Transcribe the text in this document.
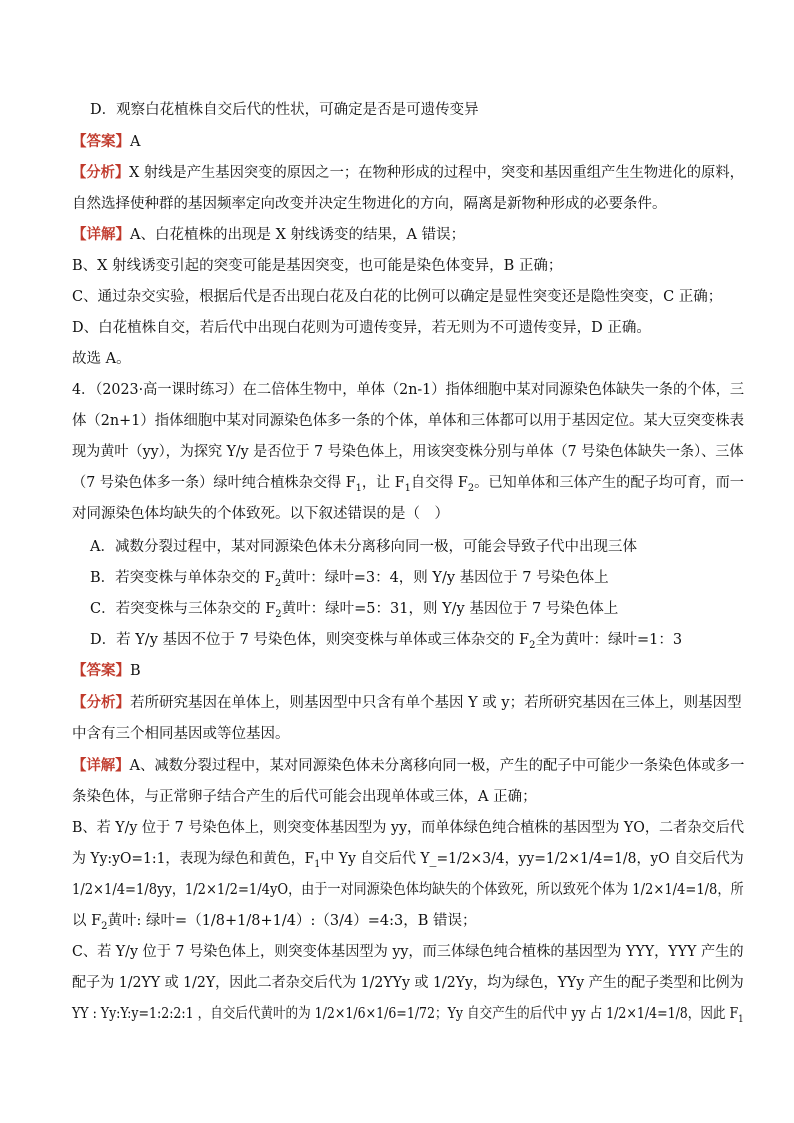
D．观察白花植株自交后代的性状，可确定是否是可遗传变异
【答案】A
【分析】X 射线是产生基因突变的原因之一；在物种形成的过程中，突变和基因重组产生生物进化的原料，
自然选择使种群的基因频率定向改变并决定生物进化的方向，隔离是新物种形成的必要条件。
【详解】A、白花植株的出现是 X 射线诱变的结果，A 错误；
B、X 射线诱变引起的突变可能是基因突变，也可能是染色体变异，B 正确；
C、通过杂交实验，根据后代是否出现白花及白花的比例可以确定是显性突变还是隐性突变，C 正确；
D、白花植株自交，若后代中出现白花则为可遗传变异，若无则为不可遗传变异，D 正确。
故选 A。
4．（2023·高一课时练习）在二倍体生物中，单体（2n-1）指体细胞中某对同源染色体缺失一条的个体，三
体（2n+1）指体细胞中某对同源染色体多一条的个体，单体和三体都可以用于基因定位。某大豆突变株表
现为黄叶（yy），为探究 Y/y 是否位于 7 号染色体上，用该突变株分别与单体（7 号染色体缺失一条）、三体
（7 号染色体多一条）绿叶纯合植株杂交得 $F_1$，让 $F_1$自交得 $F_2$。已知单体和三体产生的配子均可育，而一
对同源染色体均缺失的个体致死。以下叙述错误的是（　）
A．减数分裂过程中，某对同源染色体未分离移向同一极，可能会导致子代中出现三体
B．若突变株与单体杂交的 $F_2$黄叶：绿叶=3：4，则 Y/y 基因位于 7 号染色体上
C．若突变株与三体杂交的 $F_2$黄叶：绿叶=5：31，则 Y/y 基因位于 7 号染色体上
D．若 Y/y 基因不位于 7 号染色体，则突变株与单体或三体杂交的 $F_2$全为黄叶：绿叶=1：3
【答案】B
【分析】若所研究基因在单体上，则基因型中只含有单个基因 Y 或 y；若所研究基因在三体上，则基因型
中含有三个相同基因或等位基因。
【详解】A、减数分裂过程中，某对同源染色体未分离移向同一极，产生的配子中可能少一条染色体或多一
条染色体，与正常卵子结合产生的后代可能会出现单体或三体，A 正确；
B、若 Y/y 位于 7 号染色体上，则突变体基因型为 yy，而单体绿色纯合植株的基因型为 YO，二者杂交后代
为 Yy:yO=1:1，表现为绿色和黄色，$F_1$中 Yy 自交后代 Y_=1/2×3/4，yy=1/2×1/4=1/8，yO 自交后代为
1/2×1/4=1/8yy，1/2×1/2=1/4yO，由于一对同源染色体均缺失的个体致死，所以致死个体为 1/2×1/4=1/8，所
以 $F_2$黄叶: 绿叶=（1/8+1/8+1/4）:（3/4）=4:3，B 错误；
C、若 Y/y 位于 7 号染色体上，则突变体基因型为 yy，而三体绿色纯合植株的基因型为 YYY，YYY 产生的
配子为 1/2YY 或 1/2Y，因此二者杂交后代为 1/2YYy 或 1/2Yy，均为绿色，YYy 产生的配子类型和比例为
YY : Yy:Y:y=1:2:2:1 ，自交后代黄叶的为 1/2×1/6×1/6=1/72；Yy 自交产生的后代中 yy 占 1/2×1/4=1/8，因此 $F_1$
